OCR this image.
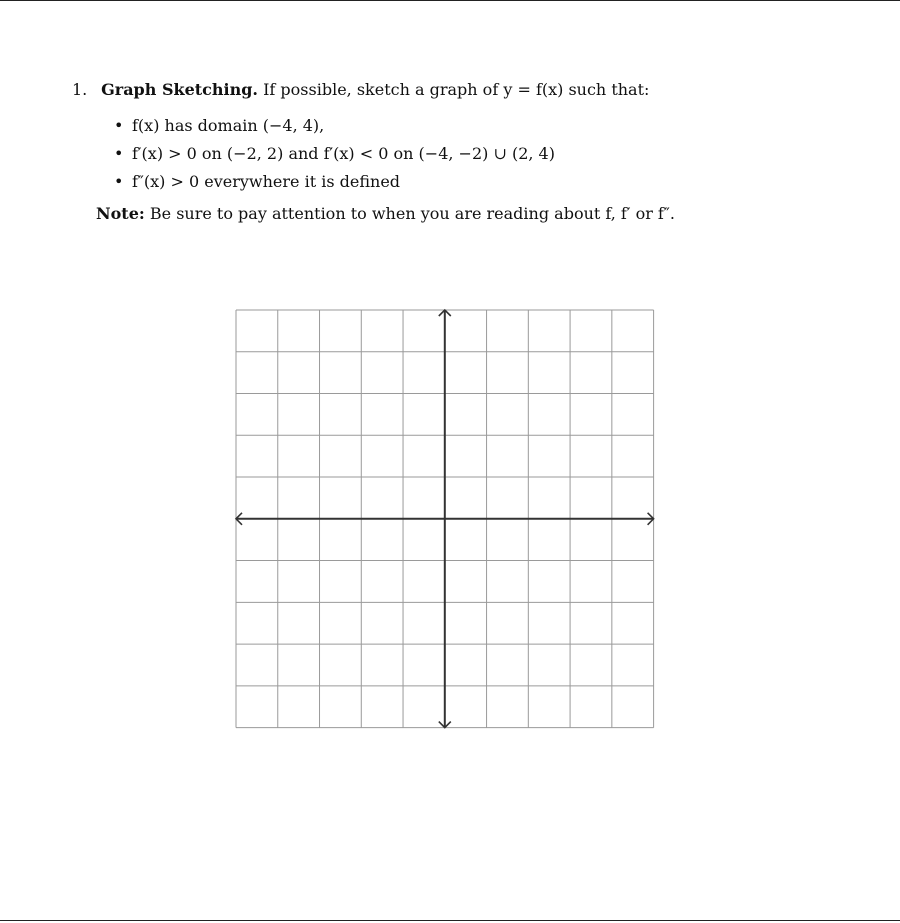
1. Graph Sketching. If possible, sketch a graph of y = f(x) such that:
• f(x) has domain (−4, 4),
• f′(x) > 0 on (−2, 2) and f′(x) < 0 on (−4, −2) ∪ (2, 4)
• f″(x) > 0 everywhere it is defined
Note: Be sure to pay attention to when you are reading about f, f′ or f″.
